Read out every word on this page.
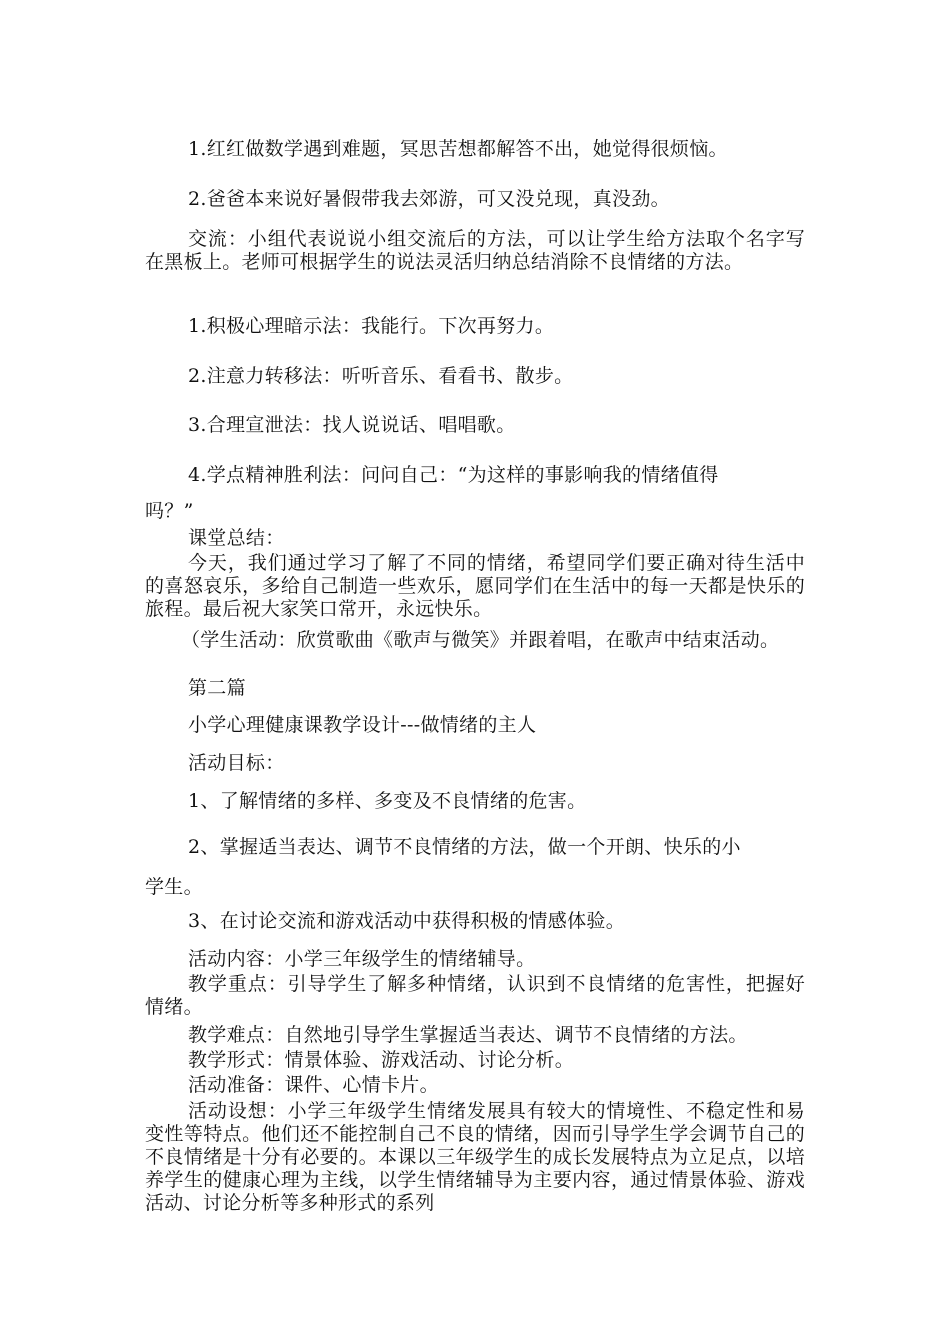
1.红红做数学遇到难题，冥思苦想都解答不出，她觉得很烦恼。
2.爸爸本来说好暑假带我去郊游，可又没兑现，真没劲。
交流：小组代表说说小组交流后的方法，可以让学生给方法取个名字写在黑板上。老师可根据学生的说法灵活归纳总结消除不良情绪的方法。
1.积极心理暗示法：我能行。下次再努力。
2.注意力转移法：听听音乐、看看书、散步。
3.合理宣泄法：找人说说话、唱唱歌。
4.学点精神胜利法：问问自己：“为这样的事影响我的情绪值得
吗？”
课堂总结：
今天，我们通过学习了解了不同的情绪，希望同学们要正确对待生活中的喜怒哀乐，多给自己制造一些欢乐，愿同学们在生活中的每一天都是快乐的旅程。最后祝大家笑口常开，永远快乐。
（学生活动：欣赏歌曲《歌声与微笑》并跟着唱，在歌声中结束活动。
第二篇
小学心理健康课教学设计---做情绪的主人
活动目标：
1、了解情绪的多样、多变及不良情绪的危害。
2、掌握适当表达、调节不良情绪的方法，做一个开朗、快乐的小
学生。
3、在讨论交流和游戏活动中获得积极的情感体验。
活动内容：小学三年级学生的情绪辅导。
教学重点：引导学生了解多种情绪，认识到不良情绪的危害性，把握好情绪。
教学难点：自然地引导学生掌握适当表达、调节不良情绪的方法。
教学形式：情景体验、游戏活动、讨论分析。
活动准备：课件、心情卡片。
活动设想：小学三年级学生情绪发展具有较大的情境性、不稳定性和易变性等特点。他们还不能控制自己不良的情绪，因而引导学生学会调节自己的不良情绪是十分有必要的。本课以三年级学生的成长发展特点为立足点，以培养学生的健康心理为主线，以学生情绪辅导为主要内容，通过情景体验、游戏活动、讨论分析等多种形式的系列
